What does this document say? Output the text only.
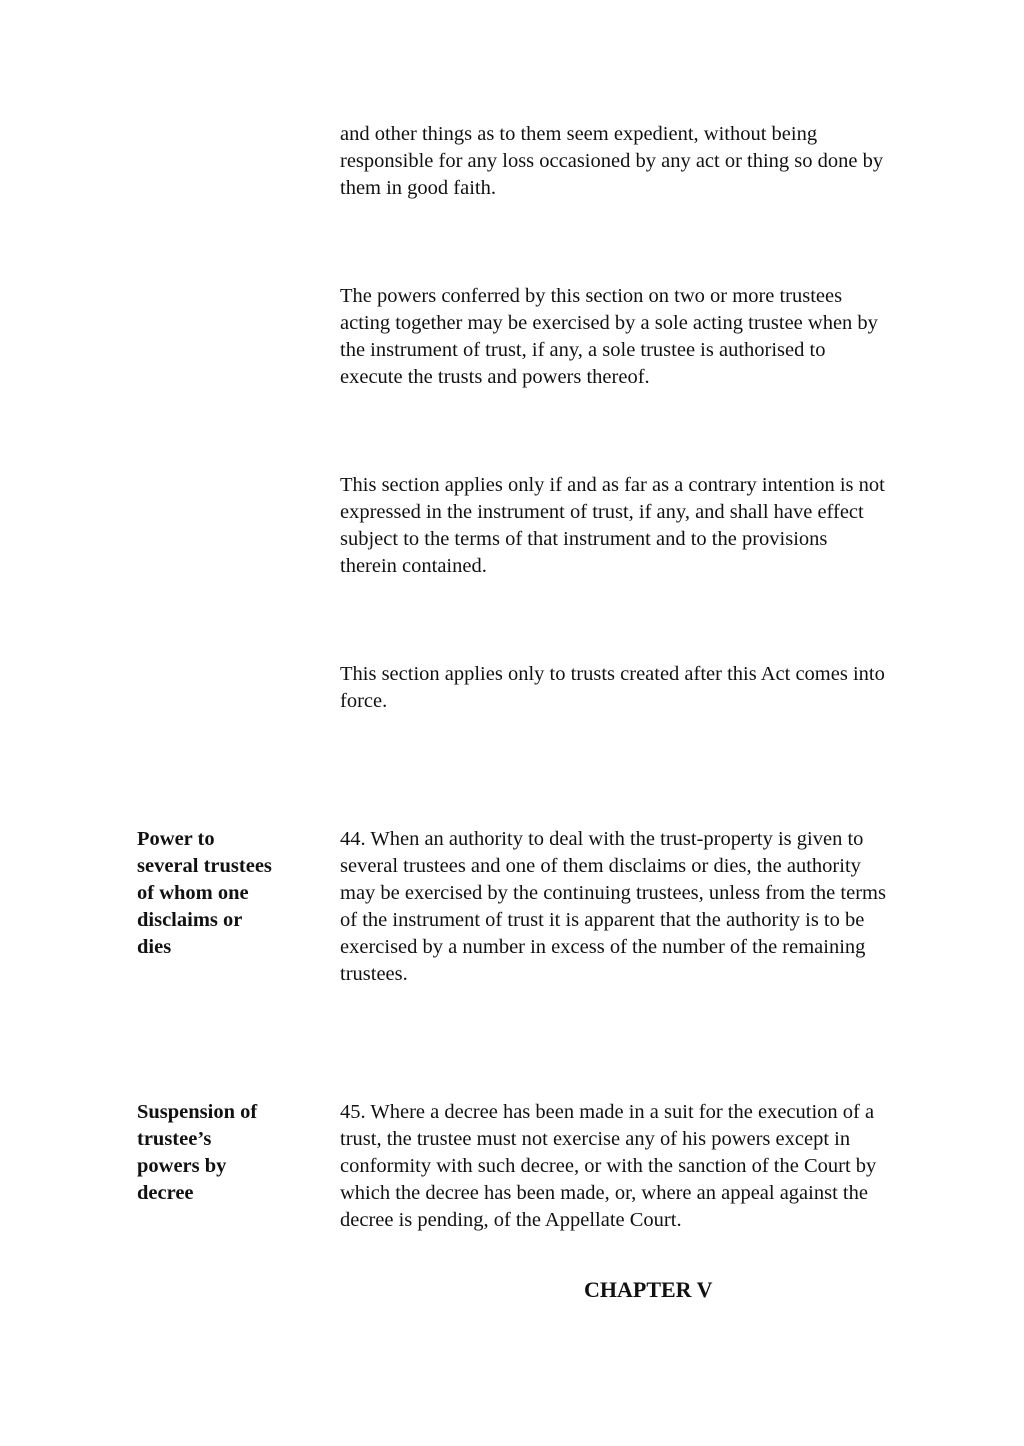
and other things as to them seem expedient, without being
responsible for any loss occasioned by any act or thing so done by
them in good faith.
The powers conferred by this section on two or more trustees
acting together may be exercised by a sole acting trustee when by
the instrument of trust, if any, a sole trustee is authorised to
execute the trusts and powers thereof.
This section applies only if and as far as a contrary intention is not
expressed in the instrument of trust, if any, and shall have effect
subject to the terms of that instrument and to the provisions
therein contained.
This section applies only to trusts created after this Act comes into
force.
Power to
several trustees
of whom one
disclaims or
dies
44. When an authority to deal with the trust-property is given to
several trustees and one of them disclaims or dies, the authority
may be exercised by the continuing trustees, unless from the terms
of the instrument of trust it is apparent that the authority is to be
exercised by a number in excess of the number of the remaining
trustees.
Suspension of
trustee’s
powers by
decree
45. Where a decree has been made in a suit for the execution of a
trust, the trustee must not exercise any of his powers except in
conformity with such decree, or with the sanction of the Court by
which the decree has been made, or, where an appeal against the
decree is pending, of the Appellate Court.
CHAPTER V
